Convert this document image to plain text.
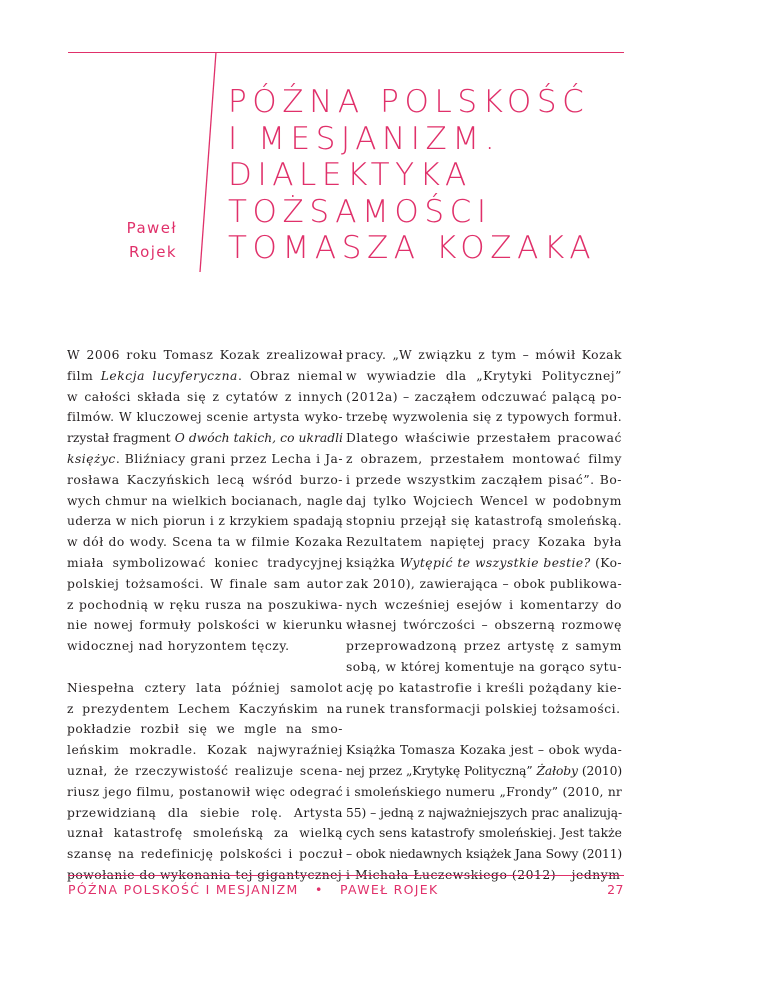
Paweł
Rojek
PÓŹNA POLSKOŚĆ
I MESJANIZM.
DIALEKTYKA
TOŻSAMOŚCI
TOMASZA KOZAKA

W 2006 roku Tomasz Kozak zrealizował
film Lekcja lucyferyczna. Obraz niemal
w całości składa się z cytatów z innych
filmów. W kluczowej scenie artysta wyko-
rzystał fragment O dwóch takich, co ukradli
księżyc. Bliźniacy grani przez Lecha i Ja-
rosława Kaczyńskich lecą wśród burzo-
wych chmur na wielkich bocianach, nagle
uderza w nich piorun i z krzykiem spadają
w dół do wody. Scena ta w filmie Kozaka
miała symbolizować koniec tradycyjnej
polskiej tożsamości. W finale sam autor
z pochodnią w ręku rusza na poszukiwa-
nie nowej formuły polskości w kierunku
widocznej nad horyzontem tęczy.

Niespełna cztery lata później samolot
z prezydentem Lechem Kaczyńskim na
pokładzie rozbił się we mgle na smo-
leńskim mokradle. Kozak najwyraźniej
uznał, że rzeczywistość realizuje scena-
riusz jego filmu, postanowił więc odegrać
przewidzianą dla siebie rolę. Artysta
uznał katastrofę smoleńską za wielką
szansę na redefinicję polskości i poczuł
powołanie do wykonania tej gigantycznej

pracy. „W związku z tym – mówił Kozak
w wywiadzie dla „Krytyki Politycznej”
(2012a) – zacząłem odczuwać palącą po-
trzebę wyzwolenia się z typowych formuł.
Dlatego właściwie przestałem pracować
z obrazem, przestałem montować filmy
i przede wszystkim zacząłem pisać”. Bo-
daj tylko Wojciech Wencel w podobnym
stopniu przejął się katastrofą smoleńską.
Rezultatem napiętej pracy Kozaka była
książka Wytępić te wszystkie bestie? (Ko-
zak 2010), zawierająca – obok publikowa-
nych wcześniej esejów i komentarzy do
własnej twórczości – obszerną rozmowę
przeprowadzoną przez artystę z samym
sobą, w której komentuje na gorąco sytu-
ację po katastrofie i kreśli pożądany kie-
runek transformacji polskiej tożsamości.

Książka Tomasza Kozaka jest – obok wyda-
nej przez „Krytykę Polityczną” Żałoby (2010)
i smoleńskiego numeru „Frondy” (2010, nr
55) – jedną z najważniejszych prac analizują-
cych sens katastrofy smoleńskiej. Jest także
– obok niedawnych książek Jana Sowy (2011)
i Michała Łuczewskiego (2012) – jednym

PÓŹNA POLSKOŚĆ I MESJANIZM • PAWEŁ ROJEK	27
